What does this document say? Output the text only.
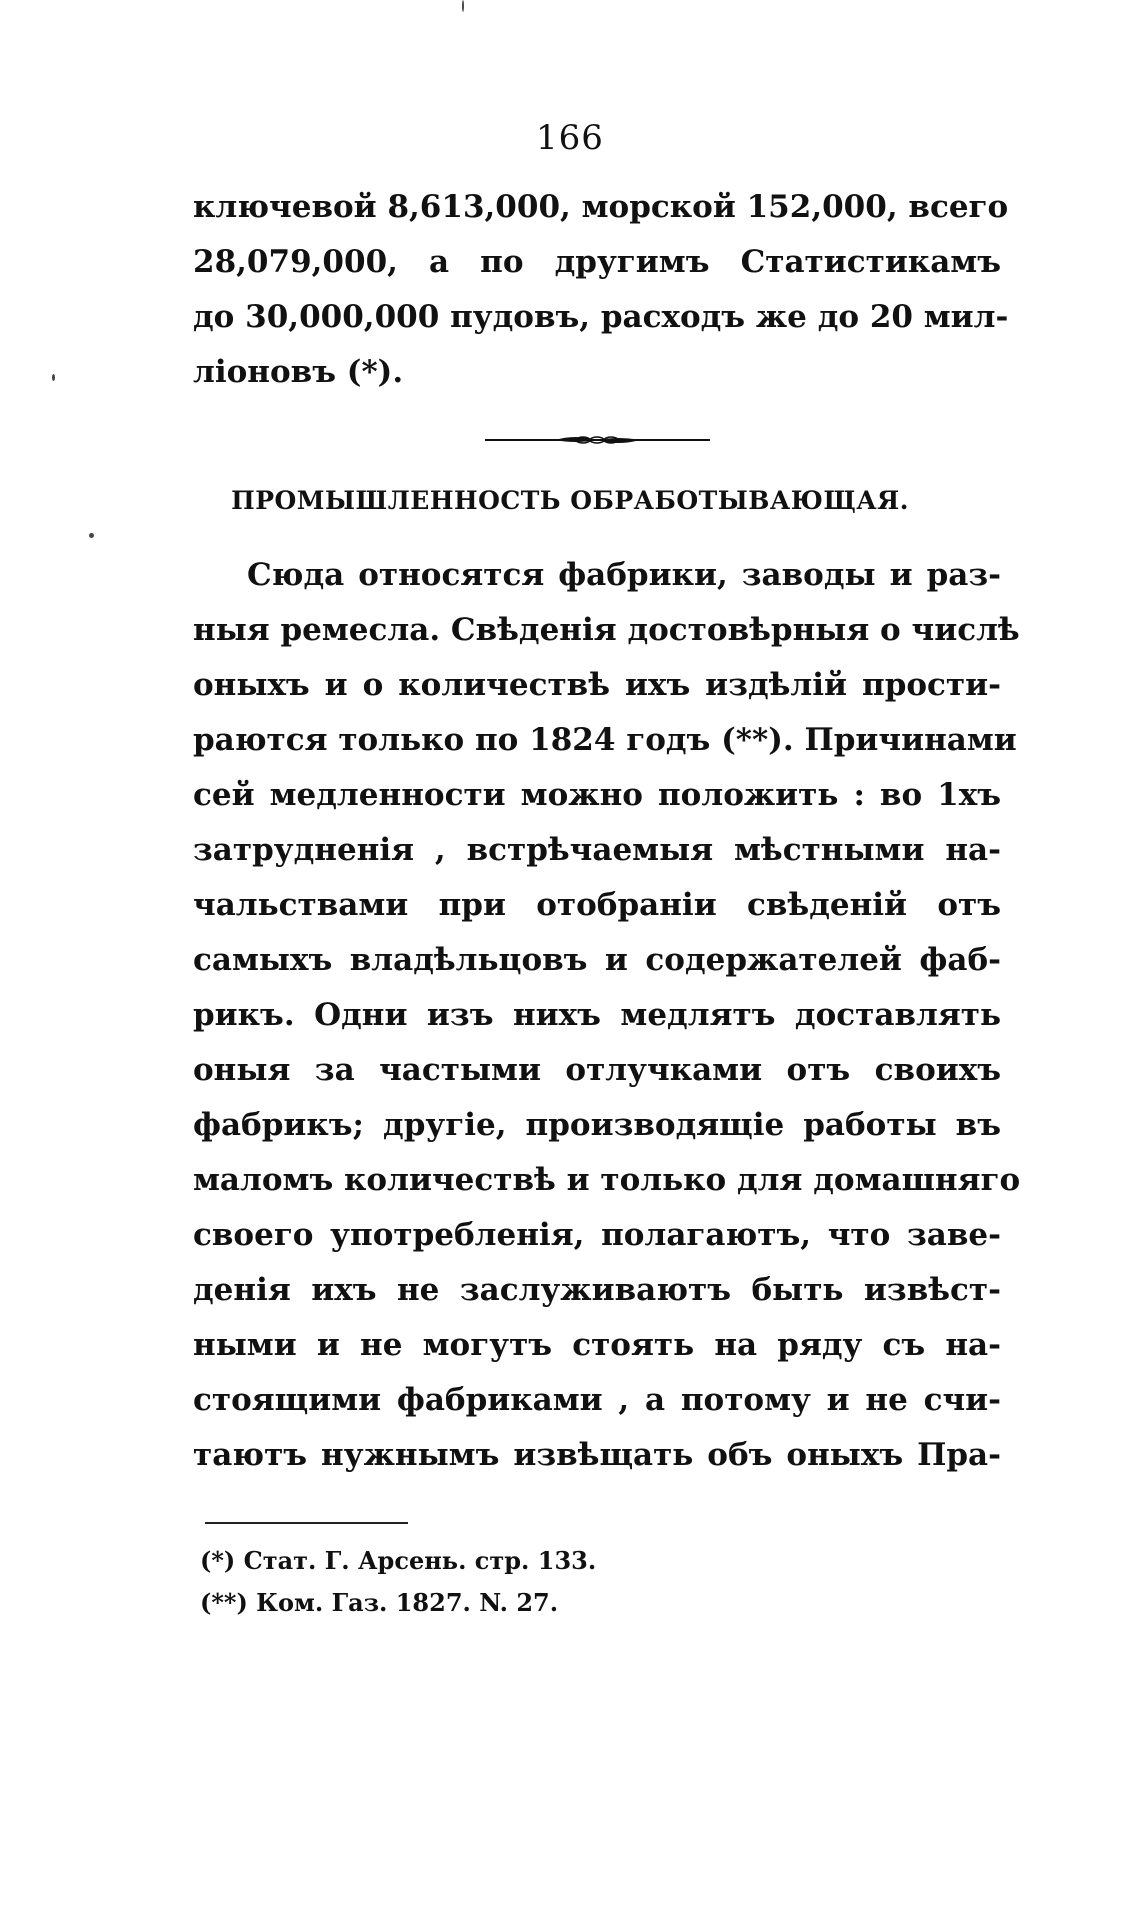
166
ключевой 8,613,000, морской 152,000, всего
28,079,000, а по другимъ Статистикамъ
до 30,000,000 пудовъ, расходъ же до 20 мил-
ліоновъ (*).
ПРОМЫШЛЕННОСТЬ ОБРАБОТЫВАЮЩАЯ.
Сюда относятся фабрики, заводы и раз-
ныя ремесла. Свѣденія достовѣрныя о числѣ
оныхъ и о количествѣ ихъ издѣлій прости-
раются только по 1824 годъ (**). Причинами
сей медленности можно положить : во 1хъ
затрудненія , встрѣчаемыя мѣстными на-
чальствами при отобраніи свѣденій отъ
самыхъ владѣльцовъ и содержателей фаб-
рикъ. Одни изъ нихъ медлятъ доставлять
оныя за частыми отлучками отъ своихъ
фабрикъ; другіе, производящіе работы въ
маломъ количествѣ и только для домашняго
своего употребленія, полагаютъ, что заве-
денія ихъ не заслуживаютъ быть извѣст-
ными и не могутъ стоять на ряду съ на-
стоящими фабриками , а потому и не счи-
таютъ нужнымъ извѣщать объ оныхъ Пра-
(*) Стат. Г. Арсень. стр. 133.
(**) Ком. Газ. 1827. N. 27.
